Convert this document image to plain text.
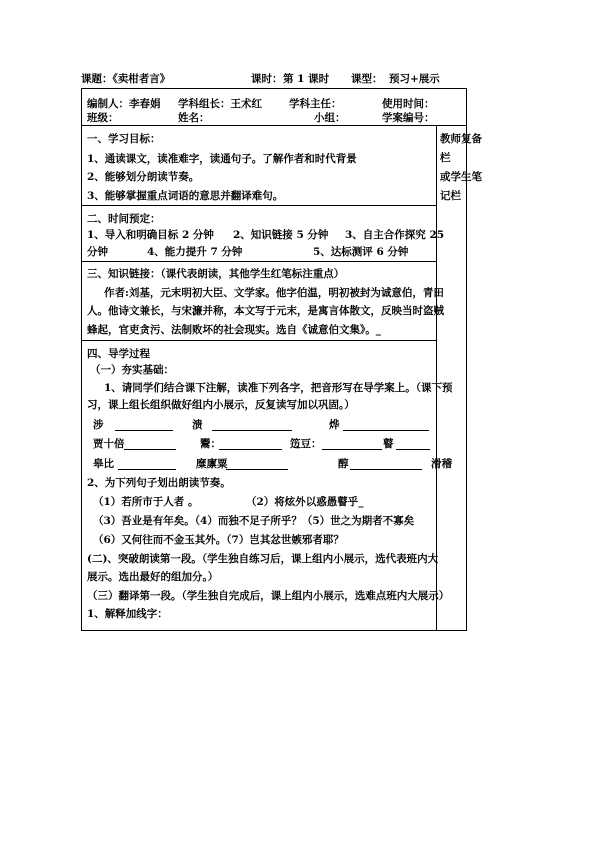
课题：《卖柑者言》	课时： 第 1 课时 课型： 预习+展示
编制人：李春娟 学科组长：王术红	学科主任：	使用时间：
班级：	姓名：	小组：	学案编号：
教师复备
栏
或学生笔
记栏
一、学习目标：
1、通读课文，读准难字，读通句子。了解作者和时代背景
2、能够划分朗读节奏。
3、能够掌握重点词语的意思并翻译难句。
二、时间预定：
1、导入和明确目标 2 分钟 2、知识链接 5 分钟 3、自主合作探究 25
分钟	4、能力提升 7 分钟	5、达标测评 6 分钟
三、知识链接：（课代表朗读，其他学生红笔标注重点）
作者:刘基，元末明初大臣、文学家。他字伯温，明初被封为诚意伯，青田
人。他诗文兼长，与宋濂并称，本文写于元末，是寓言体散文，反映当时盗贼
蜂起，官吏贪污、法制败坏的社会现实。选自《诚意伯文集》。_
四、导学过程
（一）夯实基础：
1、请同学们结合课下注解，读准下列各字，把音形写在导学案上。（课下预
习，课上组长组织做好组内小展示，反复读写加以巩固。）
涉	溃	烨
贾十倍	鬻：	笾豆：	瞽
皋比	糜廪粟	醇	滑稽
2、为下列句子划出朗读节奏。
（1）若所市于人者 。	（2）将炫外以惑愚瞽乎_
（3）吾业是有年矣。（4）而独不足子所乎？（5）世之为期者不寡矣
（6）又何往而不金玉其外。（7）岂其忿世嫉邪者耶？
(二)、突破朗读第一段。（学生独自练习后，课上组内小展示，选代表班内大
展示。选出最好的组加分。）
（三）翻译第一段。（学生独自完成后，课上组内小展示，选难点班内大展示）
1、解释加线字：
